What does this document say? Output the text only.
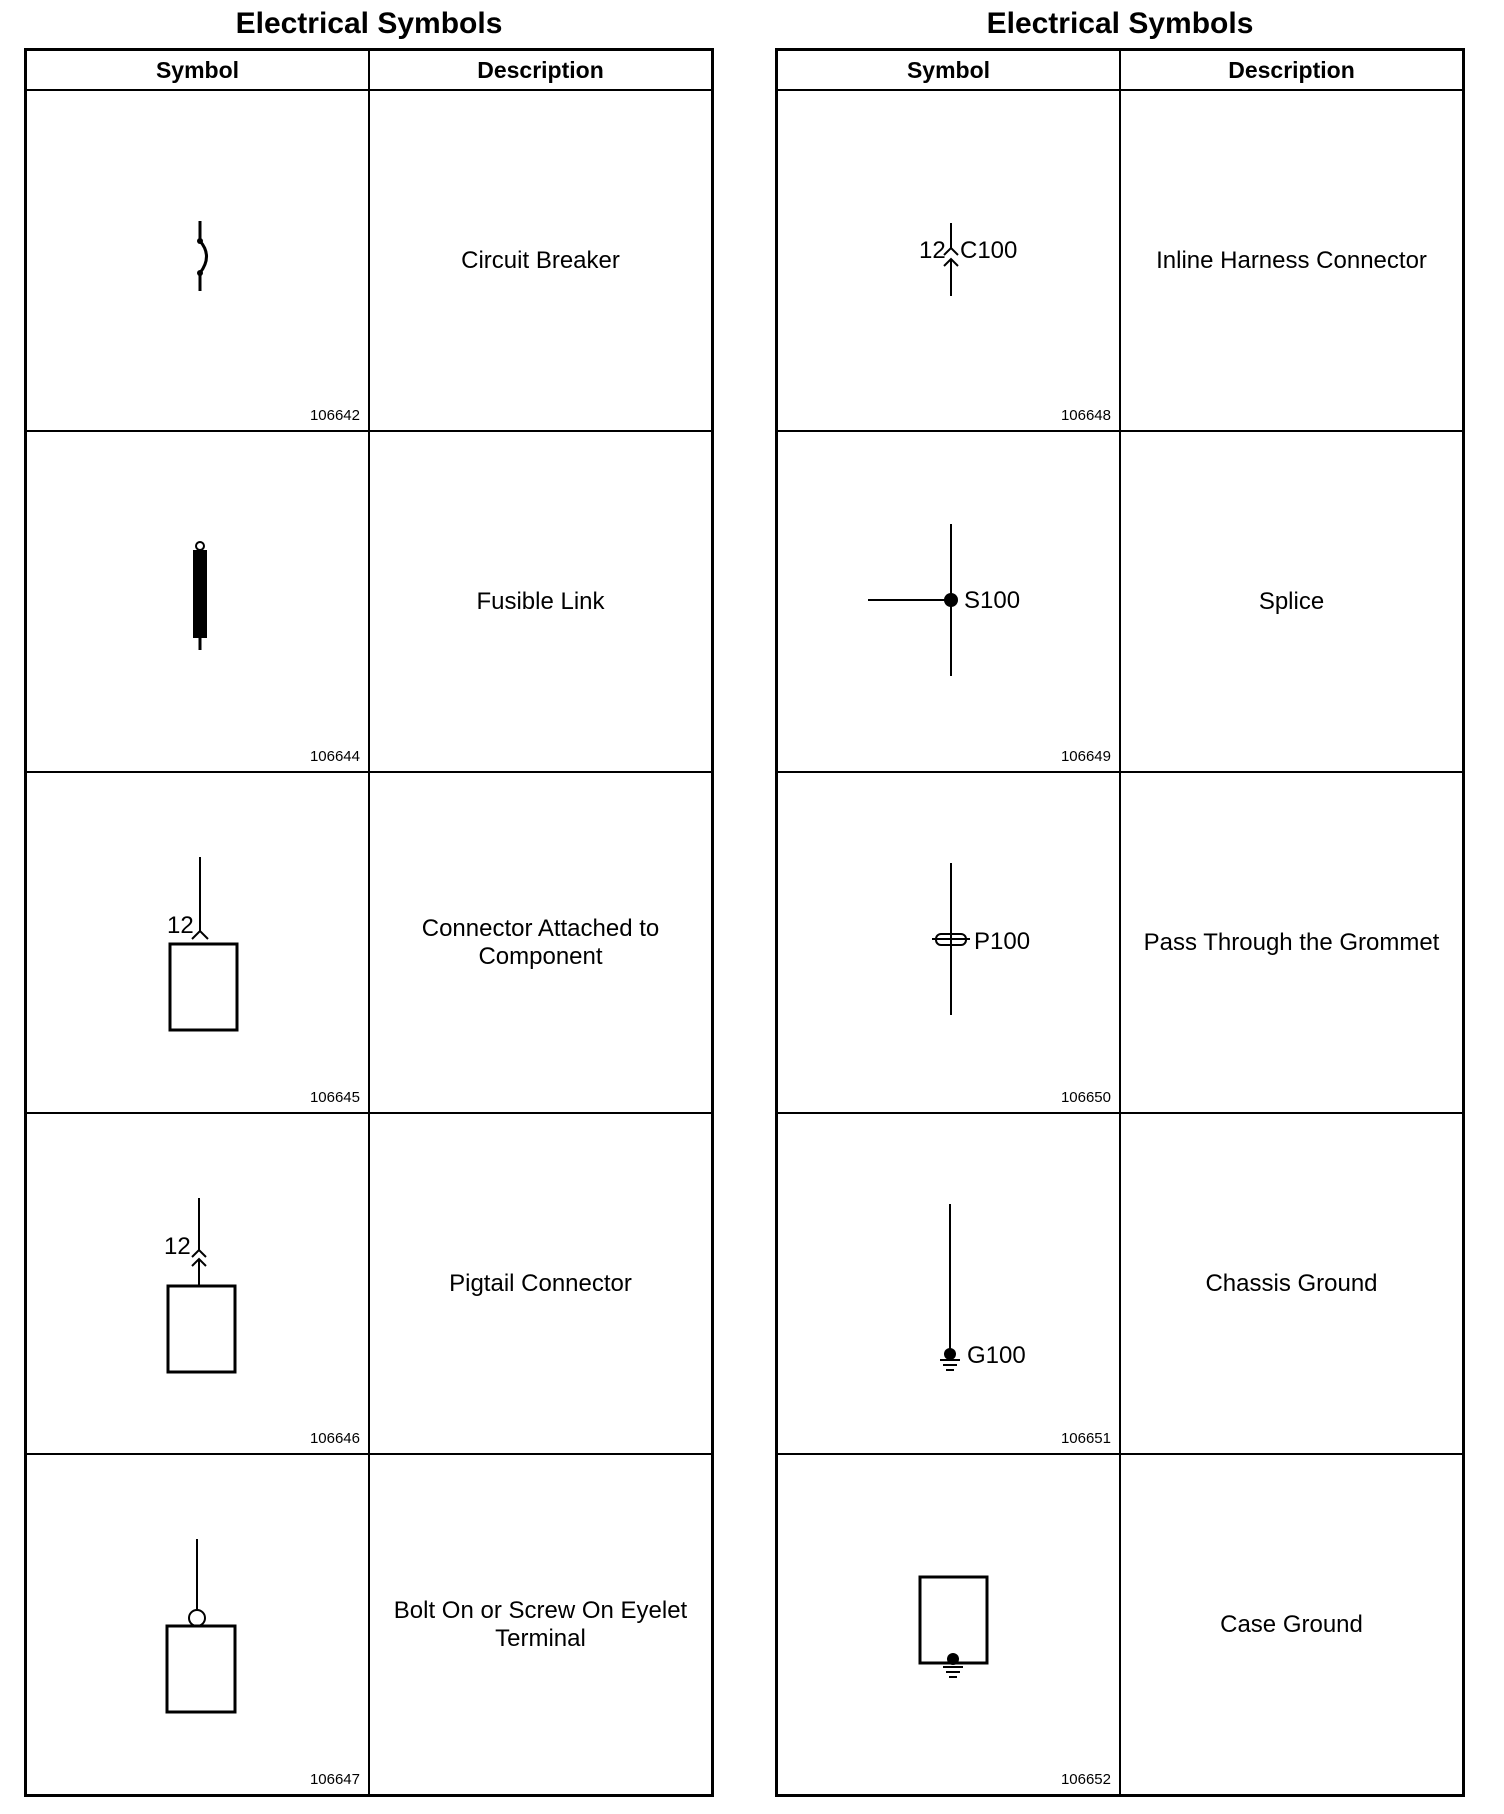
Electrical Symbols
Symbol	Description

106642	Circuit Breaker

106644	Fusible Link

12
106645	Connector Attached to Component

12
106646	Pigtail Connector

106647	Bolt On or Screw On Eyelet Terminal
Electrical Symbols
Symbol	Description

12 C100
106648	Inline Harness Connector

S100
106649	Splice

P100
106650	Pass Through the Grommet

G100
106651	Chassis Ground

106652	Case Ground
